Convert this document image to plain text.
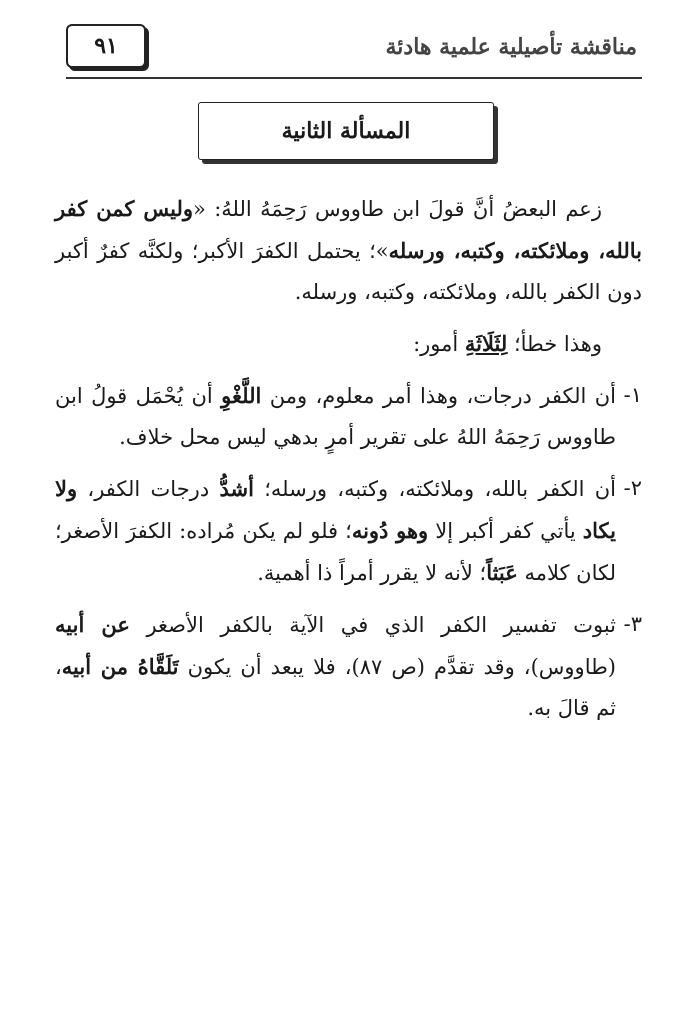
٩١	مناقشة تأصيلية علمية هادئة
المسألة الثانية

زعم البعضُ أنَّ قولَ ابن طاووس رَحِمَهُ اللهُ: «وليس كمن كفر بالله، وملائكته، وكتبه، ورسله»؛ يحتمل الكفرَ الأكبر؛ ولكنَّه كفرٌ أكبر دون الكفر بالله، وملائكته، وكتبه، ورسله.

وهذا خطأ؛ لِثَلَاثَةِ أمور:

١-
أن الكفر درجات، وهذا أمر معلوم، ومن اللَّغْوِ أن يُحْمَل قولُ ابن طاووس رَحِمَهُ اللهُ على تقرير أمرٍ بدهي ليس محل خلاف.
٢-
أن الكفر بالله، وملائكته، وكتبه، ورسله؛ أشدُّ درجات الكفر، ولا يكاد يأتي كفر أكبر إلا وهو دُونه؛ فلو لم يكن مُراده: الكفرَ الأصغر؛ لكان كلامه عَبَثاً؛ لأنه لا يقرر أمراً ذا أهمية.
٣-
ثبوت تفسير الكفر الذي في الآية بالكفر الأصغر عن أبيه (طاووس)، وقد تقدَّم (ص ٨٧)، فلا يبعد أن يكون تَلَقَّاهُ من أبيه، ثم قالَ به.
